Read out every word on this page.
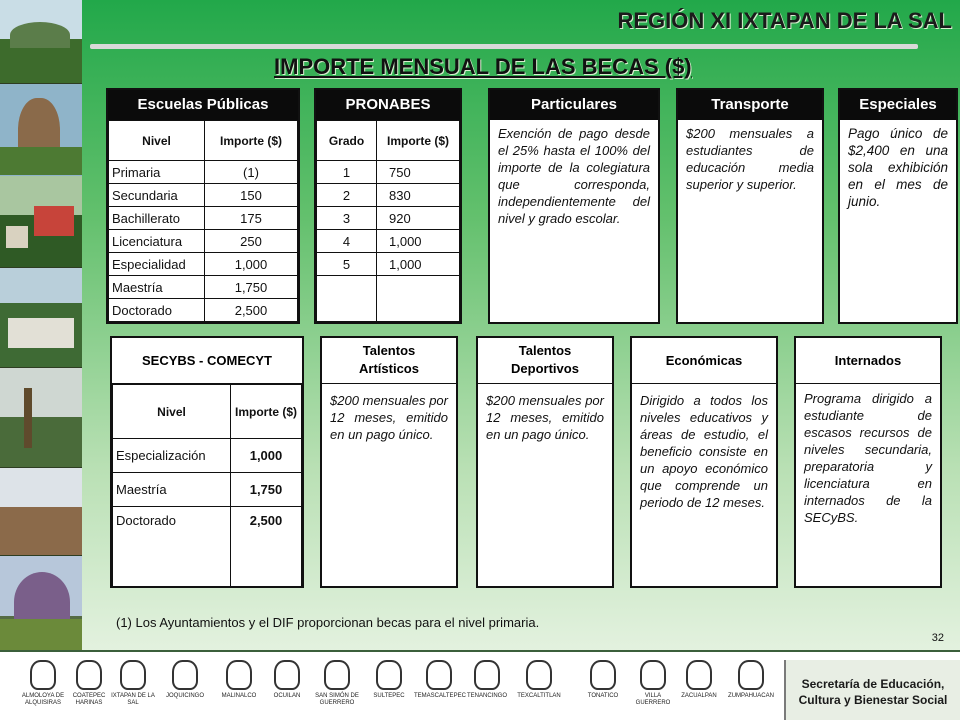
REGIÓN XI IXTAPAN DE LA SAL
IMPORTE MENSUAL DE LAS BECAS ($)
Escuelas Públicas
Nivel	Importe ($)
Primaria	(1)
Secundaria	150
Bachillerato	175
Licenciatura	250
Especialidad	1,000
Maestría	1,750
Doctorado	2,500
PRONABES
Grado	Importe ($)
1	750
2	830
3	920
4	1,000
5	1,000

Particulares
Exención de pago desde el 25% hasta el 100% del importe de la colegiatura que corresponda, independientemente del nivel y grado escolar.
Transporte
$200 mensuales a estudiantes de educación media superior y superior.
Especiales
Pago único de $2,400 en una sola exhibición en el mes de junio.
SECYBS - COMECYT
Nivel	Importe ($)
Especialización	1,000
Maestría	1,750
Doctorado	2,500
Talentos Artísticos
$200 mensuales por 12 meses, emitido en un pago único.
Talentos Deportivos
$200 mensuales por 12 meses, emitido en un pago único.
Económicas
Dirigido a todos los niveles educativos y áreas de estudio, el beneficio consiste en un apoyo económico que comprende un periodo de 12 meses.
Internados
Programa dirigido a estudiante de escasos recursos de niveles secundaria, preparatoria y licenciatura en internados de la SECyBS.
(1) Los Ayuntamientos y el DIF proporcionan becas para el nivel primaria.
32
ALMOLOYA DE ALQUISIRAS
COATEPEC HARINAS
IXTAPAN DE LA SAL
JOQUICINGO	MALINALCO	OCUILAN	SAN SIMÓN DE GUERRERO
SULTEPEC	TEMASCALTEPEC TENANCINGO	TEXCALTITLAN	TONATICO	VILLA GUERRERO
ZACUALPAN	ZUMPAHUACAN
Secretaría de Educación,
Cultura y Bienestar Social
